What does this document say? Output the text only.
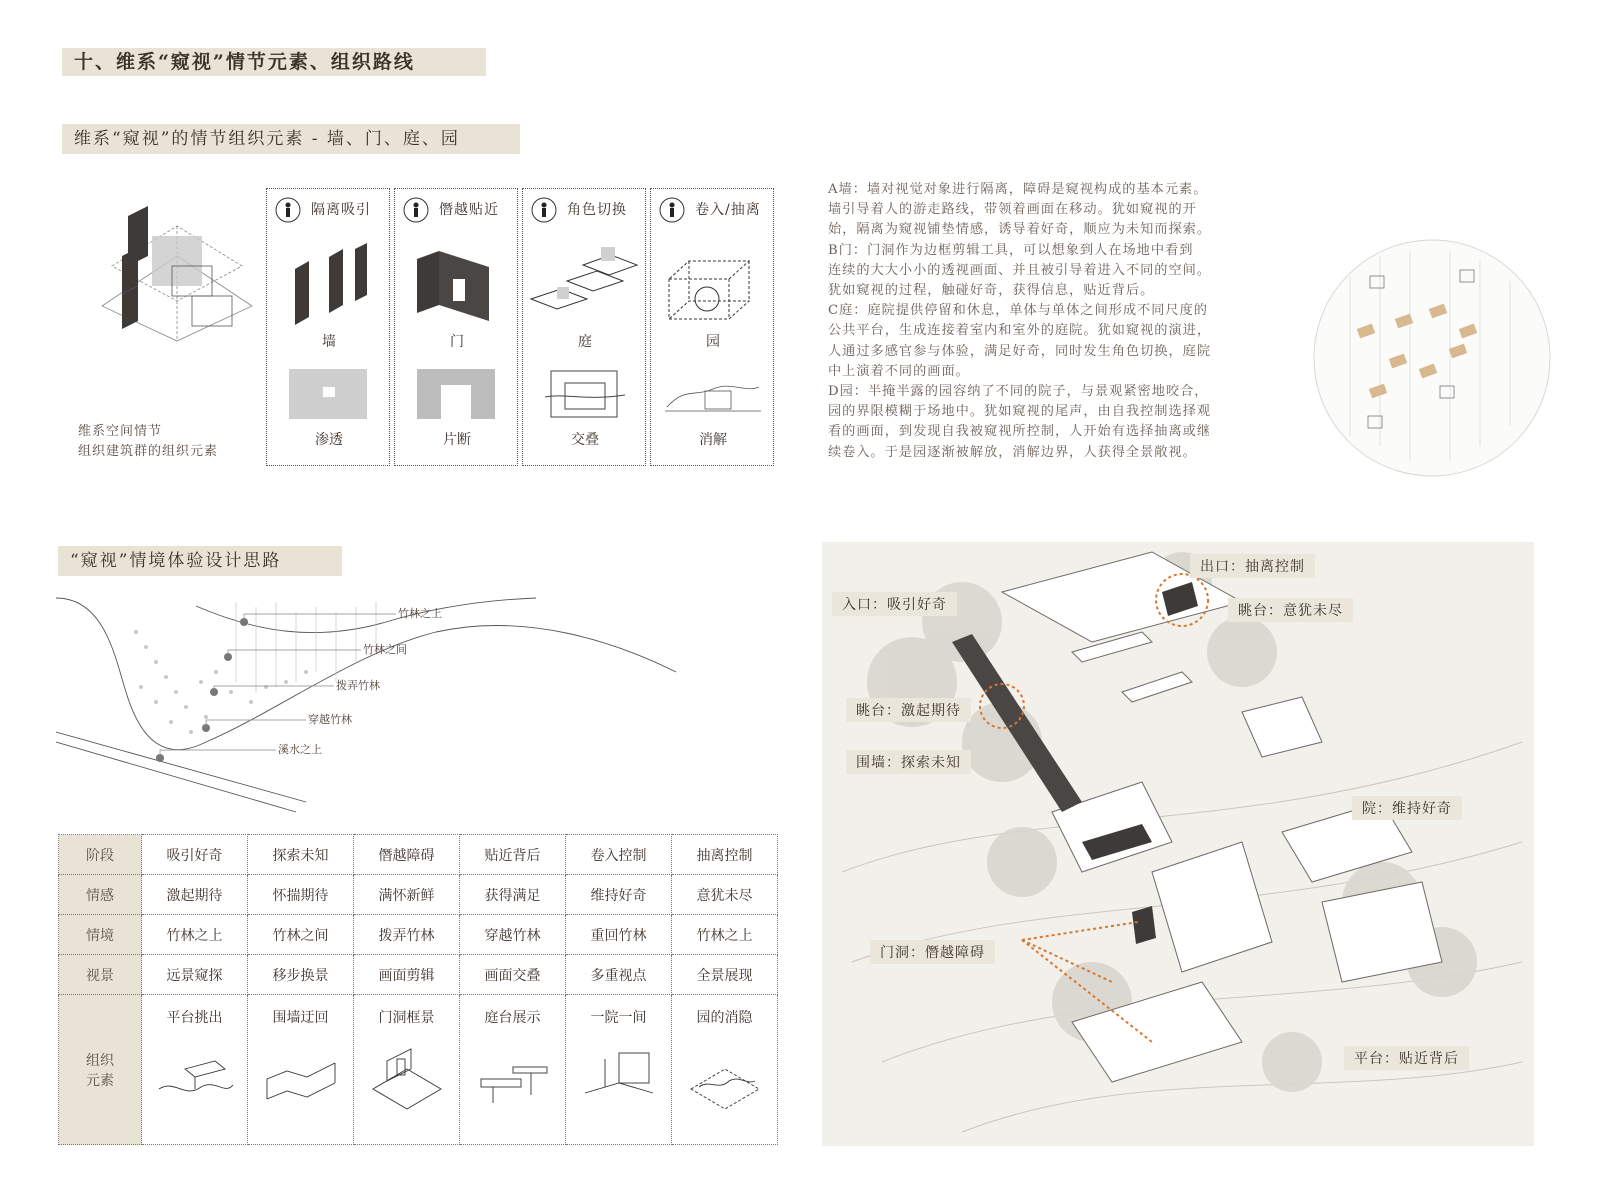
十、维系“窥视”情节元素、组织路线
维系“窥视”的情节组织元素 - 墙、门、庭、园
“窥视”情境体验设计思路
维系空间情节
组织建筑群的组织元素
隔离吸引
墙
渗透
僭越贴近
门
片断
角色切换
庭
交叠
卷入/抽离
园
消解

A墙：墙对视觉对象进行隔离，障碍是窥视构成的基本元素。

墙引导着人的游走路线，带领着画面在移动。犹如窥视的开

始，隔离为窥视铺垫情感，诱导着好奇，顺应为未知而探索。

B门：门洞作为边框剪辑工具，可以想象到人在场地中看到

连续的大大小小的透视画面、并且被引导着进入不同的空间。

犹如窥视的过程，触碰好奇，获得信息，贴近背后。

C庭：庭院提供停留和休息，单体与单体之间形成不同尺度的

公共平台，生成连接着室内和室外的庭院。犹如窥视的演进，

人通过多感官参与体验，满足好奇，同时发生角色切换，庭院

中上演着不同的画面。

D园：半掩半露的园容纳了不同的院子，与景观紧密地咬合，

园的界限模糊于场地中。犹如窥视的尾声，由自我控制选择观

看的画面，到发现自我被窥视所控制，人开始有选择抽离或继

续卷入。于是园逐渐被解放，消解边界，人获得全景敞视。

竹林之上
竹林之间
拨弄竹林
穿越竹林
溪水之上
阶段	吸引好奇	探索未知	僭越障碍	贴近背后	卷入控制	抽离控制
情感	激起期待	怀揣期待	满怀新鲜	获得满足	维持好奇	意犹未尽
情境	竹林之上	竹林之间	拨弄竹林	穿越竹林	重回竹林	竹林之上
视景	远景窥探	移步换景	画面剪辑	画面交叠	多重视点	全景展现

组织
元素	平台挑出	围墙迂回	门洞框景	庭台展示	一院一间	园的消隐
入口：吸引好奇
出口：抽离控制
眺台：意犹未尽
眺台：激起期待
围墙：探索未知
院：维持好奇
门洞：僭越障碍
平台：贴近背后
